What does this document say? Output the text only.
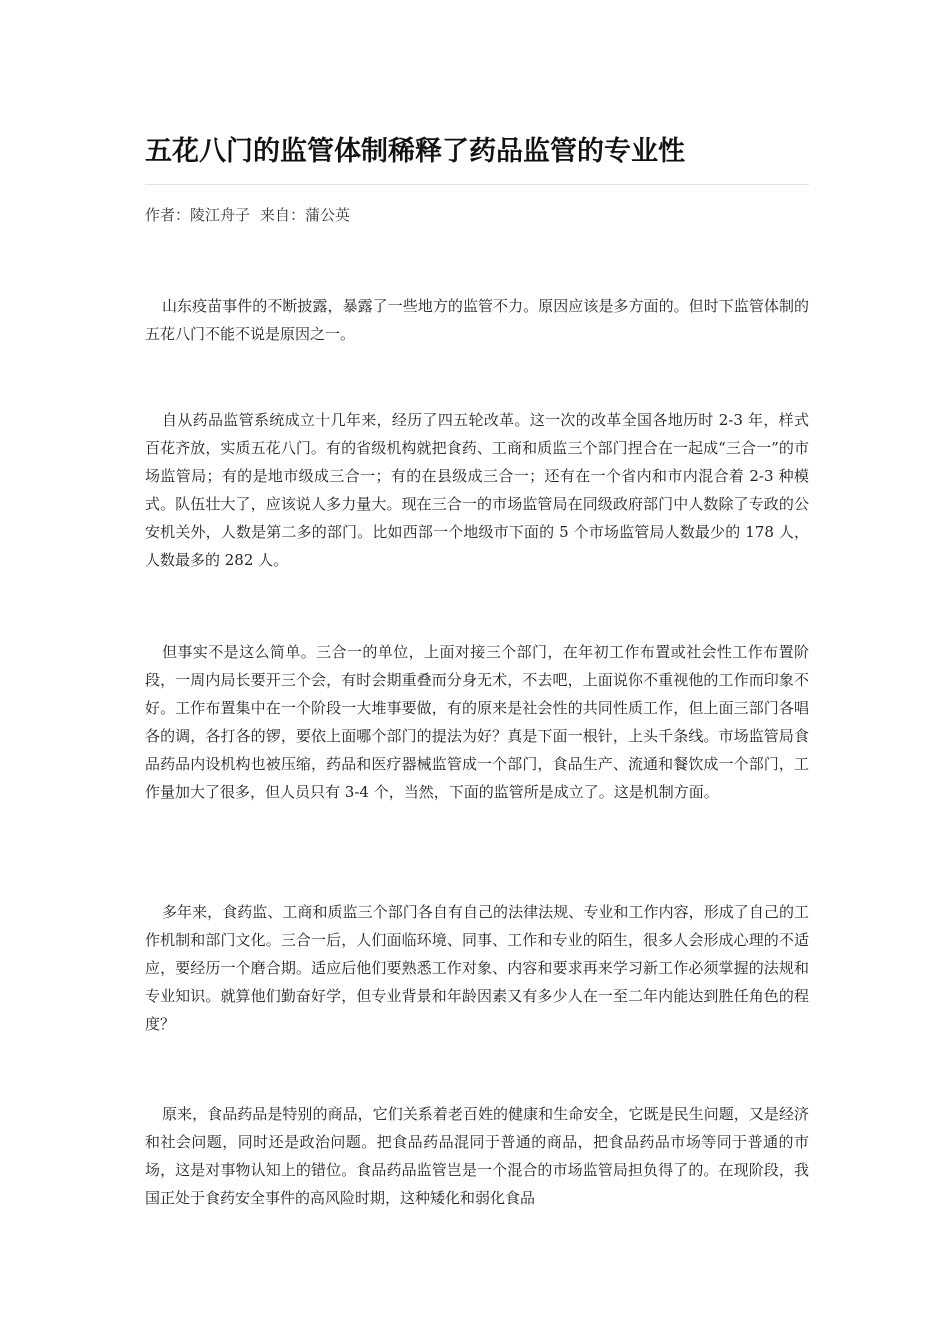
五花八门的监管体制稀释了药品监管的专业性
作者：陵江舟子 来自：蒲公英

山东疫苗事件的不断披露，暴露了一些地方的监管不力。原因应该是多方面的。但时下监管体制的五花八门不能不说是原因之一。

自从药品监管系统成立十几年来，经历了四五轮改革。这一次的改革全国各地历时 2-3 年，样式百花齐放，实质五花八门。有的省级机构就把食药、工商和质监三个部门捏合在一起成“三合一”的市场监管局；有的是地市级成三合一；有的在县级成三合一；还有在一个省内和市内混合着 2-3 种模式。队伍壮大了，应该说人多力量大。现在三合一的市场监管局在同级政府部门中人数除了专政的公安机关外，人数是第二多的部门。比如西部一个地级市下面的 5 个市场监管局人数最少的 178 人，人数最多的 282 人。

但事实不是这么简单。三合一的单位，上面对接三个部门，在年初工作布置或社会性工作布置阶段，一周内局长要开三个会，有时会期重叠而分身无术，不去吧，上面说你不重视他的工作而印象不好。工作布置集中在一个阶段一大堆事要做，有的原来是社会性的共同性质工作，但上面三部门各唱各的调，各打各的锣，要依上面哪个部门的提法为好？真是下面一根针，上头千条线。市场监管局食品药品内设机构也被压缩，药品和医疗器械监管成一个部门，食品生产、流通和餐饮成一个部门，工作量加大了很多，但人员只有 3-4 个，当然，下面的监管所是成立了。这是机制方面。

多年来，食药监、工商和质监三个部门各自有自己的法律法规、专业和工作内容，形成了自己的工作机制和部门文化。三合一后，人们面临环境、同事、工作和专业的陌生，很多人会形成心理的不适应，要经历一个磨合期。适应后他们要熟悉工作对象、内容和要求再来学习新工作必须掌握的法规和专业知识。就算他们勤奋好学，但专业背景和年龄因素又有多少人在一至二年内能达到胜任角色的程度？

原来，食品药品是特别的商品，它们关系着老百姓的健康和生命安全，它既是民生问题，又是经济和社会问题，同时还是政治问题。把食品药品混同于普通的商品，把食品药品市场等同于普通的市场，这是对事物认知上的错位。食品药品监管岂是一个混合的市场监管局担负得了的。在现阶段，我国正处于食药安全事件的高风险时期，这种矮化和弱化食品
